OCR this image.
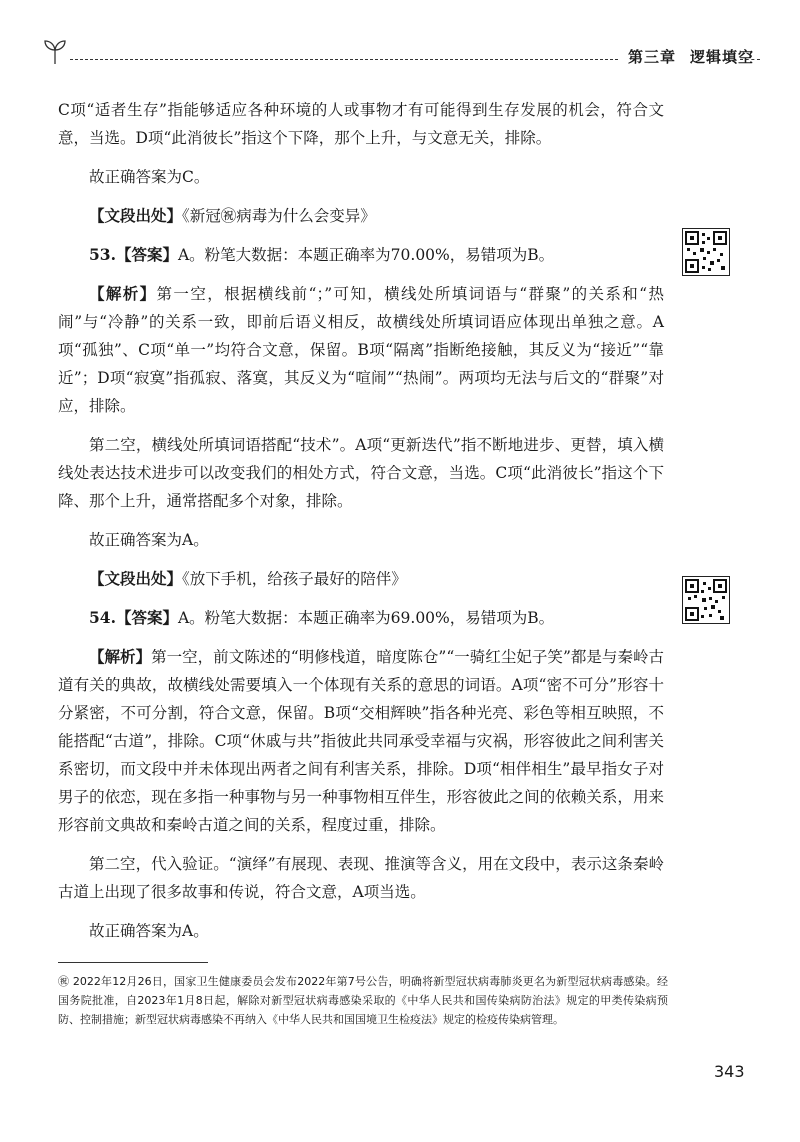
第三章 逻辑填空

C项“适者生存”指能够适应各种环境的人或事物才有可能得到生存发展的机会，符合文意，当选。D项“此消彼长”指这个下降，那个上升，与文意无关，排除。

故正确答案为C。

【文段出处】《新冠㊗病毒为什么会变异》

53.【答案】A。粉笔大数据：本题正确率为70.00%，易错项为B。

【解析】第一空，根据横线前“；”可知，横线处所填词语与“群聚”的关系和“热闹”与“冷静”的关系一致，即前后语义相反，故横线处所填词语应体现出单独之意。A项“孤独”、C项“单一”均符合文意，保留。B项“隔离”指断绝接触，其反义为“接近”“靠近”；D项“寂寞”指孤寂、落寞，其反义为“喧闹”“热闹”。两项均无法与后文的“群聚”对应，排除。

第二空，横线处所填词语搭配“技术”。A项“更新迭代”指不断地进步、更替，填入横线处表达技术进步可以改变我们的相处方式，符合文意，当选。C项“此消彼长”指这个下降、那个上升，通常搭配多个对象，排除。

故正确答案为A。

【文段出处】《放下手机，给孩子最好的陪伴》

54.【答案】A。粉笔大数据：本题正确率为69.00%，易错项为B。

【解析】第一空，前文陈述的“明修栈道，暗度陈仓”“一骑红尘妃子笑”都是与秦岭古道有关的典故，故横线处需要填入一个体现有关系的意思的词语。A项“密不可分”形容十分紧密，不可分割，符合文意，保留。B项“交相辉映”指各种光亮、彩色等相互映照，不能搭配“古道”，排除。C项“休戚与共”指彼此共同承受幸福与灾祸，形容彼此之间利害关系密切，而文段中并未体现出两者之间有利害关系，排除。D项“相伴相生”最早指女子对男子的依恋，现在多指一种事物与另一种事物相互伴生，形容彼此之间的依赖关系，用来形容前文典故和秦岭古道之间的关系，程度过重，排除。

第二空，代入验证。“演绎”有展现、表现、推演等含义，用在文段中，表示这条秦岭古道上出现了很多故事和传说，符合文意，A项当选。

故正确答案为A。

㊗ 2022年12月26日，国家卫生健康委员会发布2022年第7号公告，明确将新型冠状病毒肺炎更名为新型冠状病毒感染。经国务院批准，自2023年1月8日起，解除对新型冠状病毒感染采取的《中华人民共和国传染病防治法》规定的甲类传染病预防、控制措施；新型冠状病毒感染不再纳入《中华人民共和国国境卫生检疫法》规定的检疫传染病管理。
343
